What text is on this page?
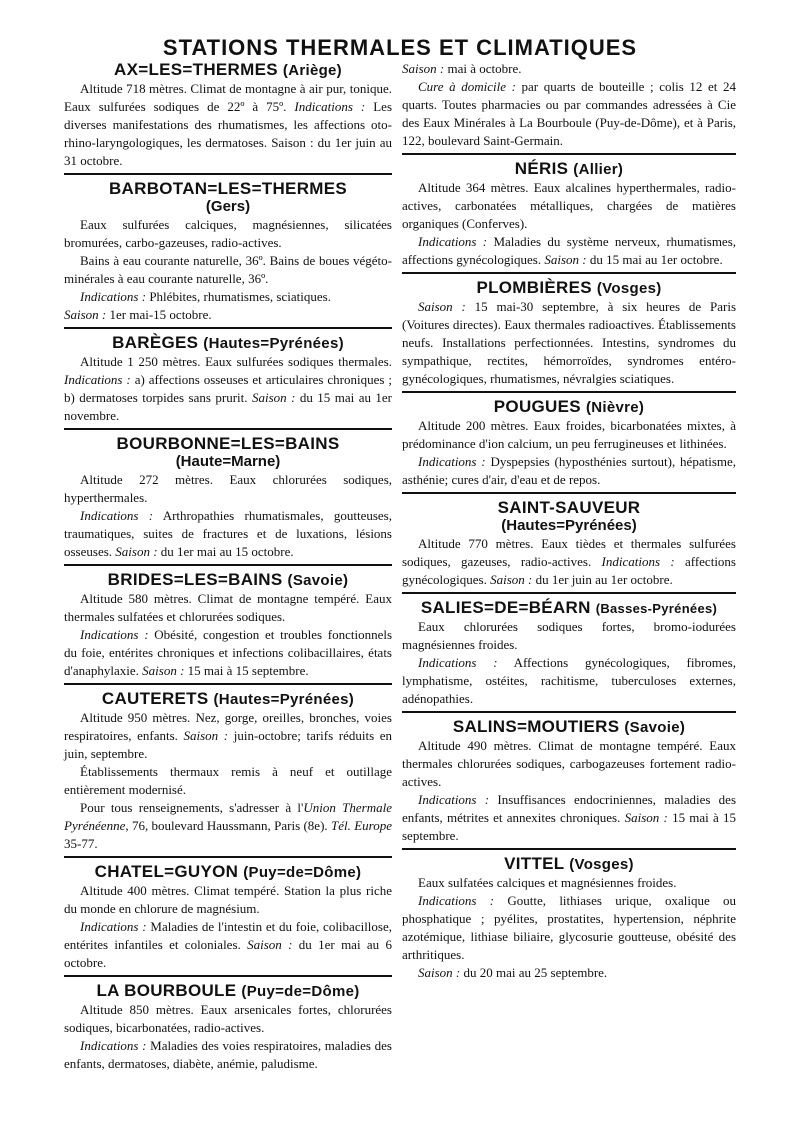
STATIONS THERMALES ET CLIMATIQUES
AX=LES=THERMES (Ariège)

Altitude 718 mètres. Climat de montagne à air pur, tonique. Eaux sulfurées sodiques de 22º à 75º. Indications : Les diverses manifestations des rhumatismes, les affections oto-rhino-laryngologiques, les dermatoses. Saison : du 1er juin au 31 octobre.

BARBOTAN=LES=THERMES
(Gers)

Eaux sulfurées calciques, magnésiennes, silicatées bromurées, carbo-gazeuses, radio-actives.

Bains à eau courante naturelle, 36º. Bains de boues végéto-minérales à eau courante naturelle, 36º.

Indications : Phlébites, rhumatismes, sciatiques.

Saison : 1er mai-15 octobre.

BARÈGES (Hautes=Pyrénées)

Altitude 1 250 mètres. Eaux sulfurées sodiques thermales. Indications : a) affections osseuses et articulaires chroniques ; b) dermatoses torpides sans prurit. Saison : du 15 mai au 1er novembre.

BOURBONNE=LES=BAINS
(Haute=Marne)

Altitude 272 mètres. Eaux chlorurées sodiques, hyperthermales.

Indications : Arthropathies rhumatismales, goutteuses, traumatiques, suites de fractures et de luxations, lésions osseuses. Saison : du 1er mai au 15 octobre.

BRIDES=LES=BAINS (Savoie)

Altitude 580 mètres. Climat de montagne tempéré. Eaux thermales sulfatées et chlorurées sodiques.

Indications : Obésité, congestion et troubles fonctionnels du foie, entérites chroniques et infections colibacillaires, états d'anaphylaxie. Saison : 15 mai à 15 septembre.

CAUTERETS (Hautes=Pyrénées)

Altitude 950 mètres. Nez, gorge, oreilles, bronches, voies respiratoires, enfants. Saison : juin-octobre; tarifs réduits en juin, septembre.

Établissements thermaux remis à neuf et outillage entièrement modernisé.

Pour tous renseignements, s'adresser à l'Union Thermale Pyrénéenne, 76, boulevard Haussmann, Paris (8e). Tél. Europe 35-77.

CHATEL=GUYON (Puy=de=Dôme)

Altitude 400 mètres. Climat tempéré. Station la plus riche du monde en chlorure de magnésium.

Indications : Maladies de l'intestin et du foie, colibacillose, entérites infantiles et coloniales. Saison : du 1er mai au 6 octobre.

LA BOURBOULE (Puy=de=Dôme)

Altitude 850 mètres. Eaux arsenicales fortes, chlorurées sodiques, bicarbonatées, radio-actives.

Indications : Maladies des voies respiratoires, maladies des enfants, dermatoses, diabète, anémie, paludisme.

Saison : mai à octobre.

Cure à domicile : par quarts de bouteille ; colis 12 et 24 quarts. Toutes pharmacies ou par commandes adressées à Cie des Eaux Minérales à La Bourboule (Puy-de-Dôme), et à Paris, 122, boulevard Saint-Germain.

NÉRIS (Allier)

Altitude 364 mètres. Eaux alcalines hyperthermales, radio-actives, carbonatées métalliques, chargées de matières organiques (Conferves).

Indications : Maladies du système nerveux, rhumatismes, affections gynécologiques. Saison : du 15 mai au 1er octobre.

PLOMBIÈRES (Vosges)

Saison : 15 mai-30 septembre, à six heures de Paris (Voitures directes). Eaux thermales radioactives. Établissements neufs. Installations perfectionnées. Intestins, syndromes du sympathique, rectites, hémorroïdes, syndromes entéro-gynécologiques, rhumatismes, névralgies sciatiques.

POUGUES (Nièvre)

Altitude 200 mètres. Eaux froides, bicarbonatées mixtes, à prédominance d'ion calcium, un peu ferrugineuses et lithinées.

Indications : Dyspepsies (hyposthénies surtout), hépatisme, asthénie; cures d'air, d'eau et de repos.

SAINT-SAUVEUR
(Hautes=Pyrénées)

Altitude 770 mètres. Eaux tièdes et thermales sulfurées sodiques, gazeuses, radio-actives. Indications : affections gynécologiques. Saison : du 1er juin au 1er octobre.

SALIES=DE=BÉARN (Basses-Pyrénées)

Eaux chlorurées sodiques fortes, bromo-iodurées magnésiennes froides.

Indications : Affections gynécologiques, fibromes, lymphatisme, ostéites, rachitisme, tuberculoses externes, adénopathies.

SALINS=MOUTIERS (Savoie)

Altitude 490 mètres. Climat de montagne tempéré. Eaux thermales chlorurées sodiques, carbogazeuses fortement radio-actives.

Indications : Insuffisances endocriniennes, maladies des enfants, métrites et annexites chroniques. Saison : 15 mai à 15 septembre.

VITTEL (Vosges)

Eaux sulfatées calciques et magnésiennes froides.

Indications : Goutte, lithiases urique, oxalique ou phosphatique ; pyélites, prostatites, hypertension, néphrite azotémique, lithiase biliaire, glycosurie goutteuse, obésité des arthritiques.

Saison : du 20 mai au 25 septembre.
